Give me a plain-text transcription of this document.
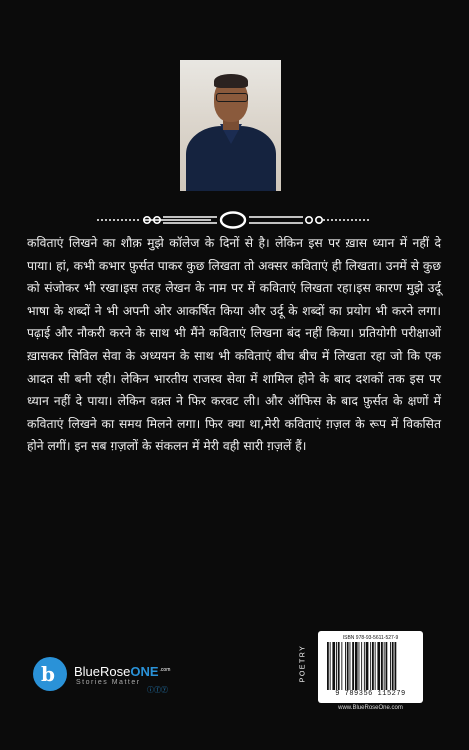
कविताएं लिखने का शौक़ मुझे कॉलेज के दिनों से है। लेकिन इस पर ख़ास ध्यान में नहीं दे पाया। हां, कभी कभार फ़ुर्सत पाकर कुछ लिखता तो अक्सर कविताएं ही लिखता। उनमें से कुछ को संजोकर भी रखा।इस तरह लेखन के नाम पर में कविताएं लिखता रहा।इस कारण मुझे उर्दू भाषा के शब्दों ने भी अपनी ओर आकर्षित किया और उर्दू के शब्दों का प्रयोग भी करने लगा। पढ़ाई और नौकरी करने के साथ भी मैंने कविताएं लिखना बंद नहीं किया। प्रतियोगी परीक्षाओं ख़ासकर सिविल सेवा के अध्ययन के साथ भी कविताएं बीच बीच में लिखता रहा जो कि एक आदत सी बनी रही। लेकिन भारतीय राजस्व सेवा में शामिल होने के बाद दशकों तक इस पर ध्यान नहीं दे पाया। लेकिन वक़्त ने फिर करवट ली। और ऑफिस के बाद फ़ुर्सत के क्षणों में कविताएं लिखने का समय मिलने लगा। फिर क्या था,मेरी कविताएं ग़ज़ल के रूप में विकसित होने लगीं। इन सब ग़ज़लों के संकलन में मेरी वही सारी ग़ज़लें हैं।

b BlueRoseONE$^{.com}$
Stories Matter
ⓘⓕⓨ
POETRY
ISBN 978-93-5611-527-9
9 789356 115279
www.BlueRoseOne.com
